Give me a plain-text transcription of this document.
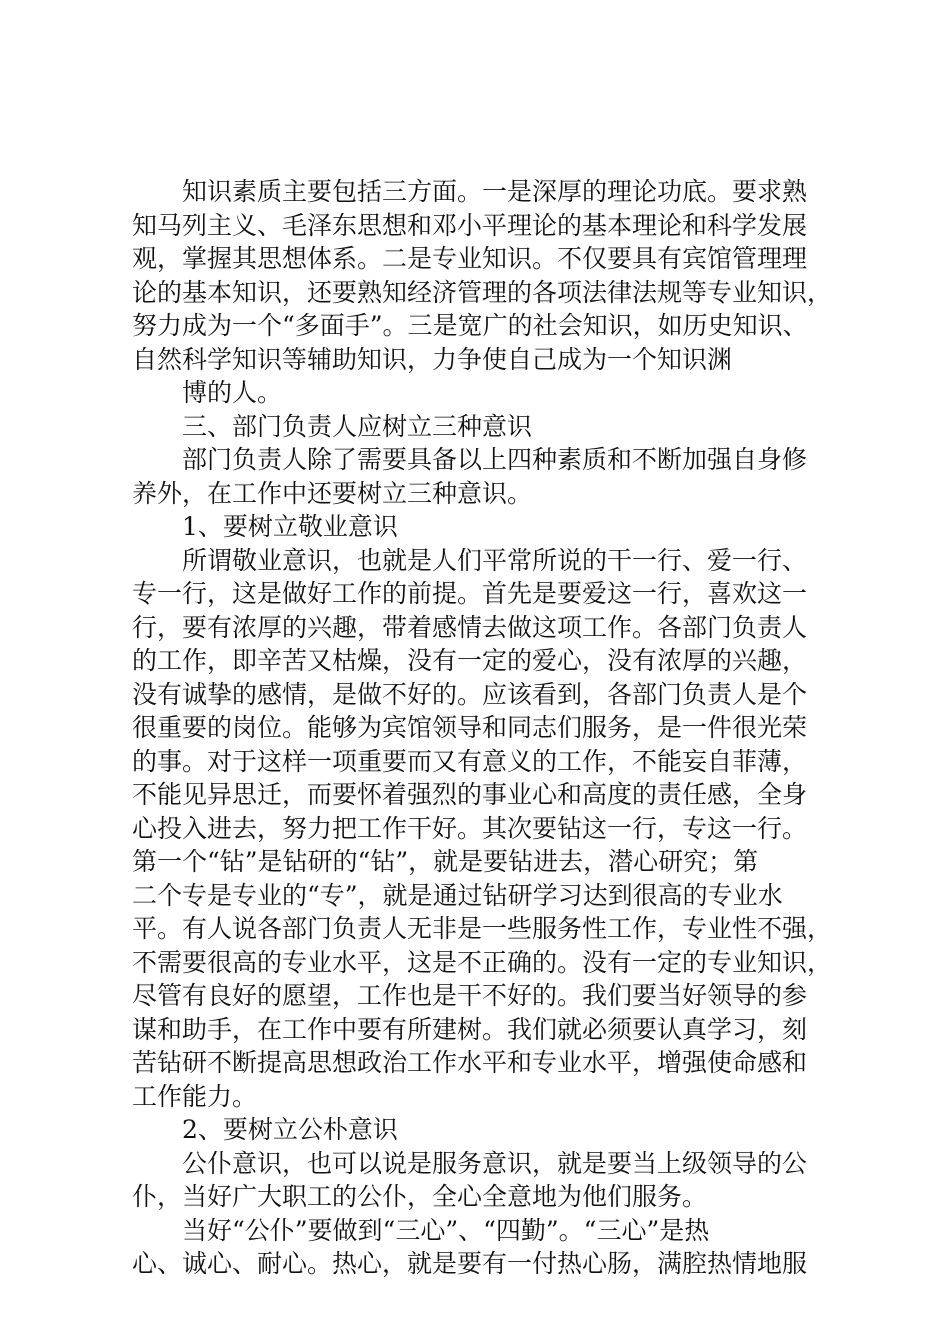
知识素质主要包括三方面。一是深厚的理论功底。要求熟
知马列主义、毛泽东思想和邓小平理论的基本理论和科学发展
观，掌握其思想体系。二是专业知识。不仅要具有宾馆管理理
论的基本知识，还要熟知经济管理的各项法律法规等专业知识，
努力成为一个“多面手”。三是宽广的社会知识，如历史知识、
自然科学知识等辅助知识，力争使自己成为一个知识渊
博的人。
三、部门负责人应树立三种意识
部门负责人除了需要具备以上四种素质和不断加强自身修
养外，在工作中还要树立三种意识。
1、要树立敬业意识
所谓敬业意识，也就是人们平常所说的干一行、爱一行、
专一行，这是做好工作的前提。首先是要爱这一行，喜欢这一
行，要有浓厚的兴趣，带着感情去做这项工作。各部门负责人
的工作，即辛苦又枯燥，没有一定的爱心，没有浓厚的兴趣，
没有诚挚的感情，是做不好的。应该看到，各部门负责人是个
很重要的岗位。能够为宾馆领导和同志们服务，是一件很光荣
的事。对于这样一项重要而又有意义的工作，不能妄自菲薄，
不能见异思迁，而要怀着强烈的事业心和高度的责任感，全身
心投入进去，努力把工作干好。其次要钻这一行，专这一行。
第一个“钻”是钻研的“钻”，就是要钻进去，潜心研究；第
二个专是专业的“专”，就是通过钻研学习达到很高的专业水
平。有人说各部门负责人无非是一些服务性工作，专业性不强，
不需要很高的专业水平，这是不正确的。没有一定的专业知识，
尽管有良好的愿望，工作也是干不好的。我们要当好领导的参
谋和助手，在工作中要有所建树。我们就必须要认真学习，刻
苦钻研不断提高思想政治工作水平和专业水平，增强使命感和
工作能力。
2、要树立公朴意识
公仆意识，也可以说是服务意识，就是要当上级领导的公
仆，当好广大职工的公仆，全心全意地为他们服务。
当好“公仆”要做到“三心”、“四勤”。“三心”是热
心、诚心、耐心。热心，就是要有一付热心肠，满腔热情地服
